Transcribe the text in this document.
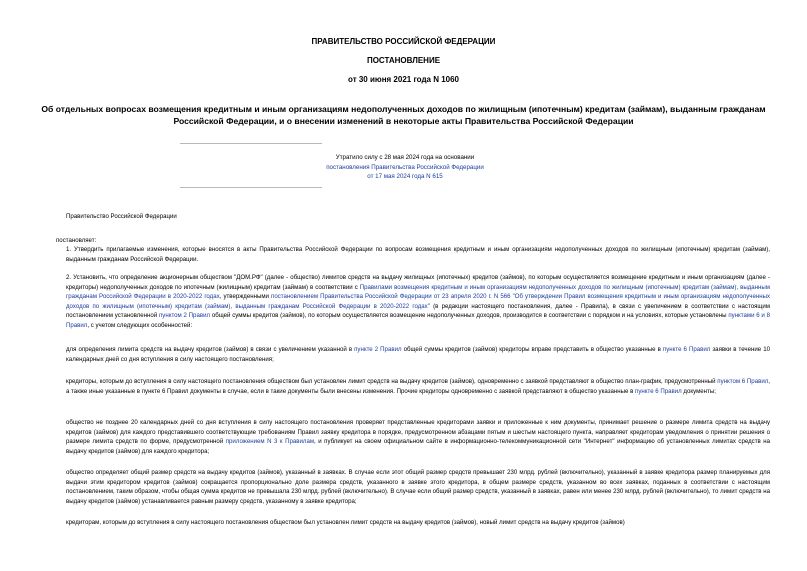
ПРАВИТЕЛЬСТВО РОССИЙСКОЙ ФЕДЕРАЦИИ
ПОСТАНОВЛЕНИЕ
от 30 июня 2021 года N 1060
Об отдельных вопросах возмещения кредитным и иным организациям недополученных доходов по жилищным (ипотечным) кредитам (займам), выданным гражданам Российской Федерации, и о внесении изменений в некоторые акты Правительства Российской Федерации
Утратило силу с 28 мая 2024 года на основании
постановления Правительства Российской Федерации
от 17 мая 2024 года N 615
Правительство Российской Федерации
постановляет:
1. Утвердить прилагаемые изменения, которые вносятся в акты Правительства Российской Федерации по вопросам возмещения кредитным и иным организациям недополученных доходов по жилищным (ипотечным) кредитам (займам), выданным гражданам Российской Федерации.
2. Установить, что определение акционерным обществом "ДОМ.РФ" (далее - общество) лимитов средств на выдачу жилищных (ипотечных) кредитов (займов), по которым осуществляется возмещение кредитным и иным организациям (далее - кредиторы) недополученных доходов по ипотечным (жилищным) кредитам (займам) в соответствии с Правилами возмещения кредитным и иным организациям недополученных доходов по жилищным (ипотечным) кредитам (займам), выданным гражданам Российской Федерации в 2020-2022 годах, утвержденными постановлением Правительства Российской Федерации от 23 апреля 2020 г. N 566 "Об утверждении Правил возмещения кредитным и иным организациям недополученных доходов по жилищным (ипотечным) кредитам (займам), выданным гражданам Российской Федерации в 2020-2022 годах" (в редакции настоящего постановления, далее - Правила), в связи с увеличением в соответствии с настоящим постановлением установленной пунктом 2 Правил общей суммы кредитов (займов), по которым осуществляется возмещение недополученных доходов, производится в соответствии с порядком и на условиях, которые установлены пунктами 6 и 8 Правил, с учетом следующих особенностей:
для определения лимита средств на выдачу кредитов (займов) в связи с увеличением указанной в пункте 2 Правил общей суммы кредитов (займов) кредиторы вправе представить в общество указанные в пункте 6 Правил заявки в течение 10 календарных дней со дня вступления в силу настоящего постановления;
кредиторы, которым до вступления в силу настоящего постановления обществом был установлен лимит средств на выдачу кредитов (займов), одновременно с заявкой представляют в общество план-график, предусмотренный пунктом 6 Правил, а также иные указанные в пункте 6 Правил документы в случае, если в такие документы были внесены изменения. Прочие кредиторы одновременно с заявкой представляют в общество указанные в пункте 6 Правил документы;
общество не позднее 20 календарных дней со дня вступления в силу настоящего постановления проверяет представленные кредиторами заявки и приложенные к ним документы, принимает решение о размере лимита средств на выдачу кредитов (займов) для каждого представившего соответствующие требованиям Правил заявку кредитора в порядке, предусмотренном абзацами пятым и шестым настоящего пункта, направляет кредиторам уведомления о принятии решения о размере лимита средств по форме, предусмотренной приложением N 3 к Правилам, и публикует на своем официальном сайте в информационно-телекоммуникационной сети "Интернет" информацию об установленных лимитах средств на выдачу кредитов (займов) для каждого кредитора;
общество определяет общий размер средств на выдачу кредитов (займов), указанный в заявках. В случае если этот общий размер средств превышает 230 млрд. рублей (включительно), указанный в заявке кредитора размер планируемых для выдачи этим кредитором кредитов (займов) сокращается пропорционально доле размера средств, указанного в заявке этого кредитора, в общем размере средств, указанном во всех заявках, поданных в соответствии с настоящим постановлением, таким образом, чтобы общая сумма кредитов не превышала 230 млрд. рублей (включительно). В случае если общий размер средств, указанный в заявках, равен или менее 230 млрд. рублей (включительно), то лимит средств на выдачу кредитов (займов) устанавливается равным размеру средств, указанному в заявке кредитора;
кредиторам, которым до вступления в силу настоящего постановления обществом был установлен лимит средств на выдачу кредитов (займов), новый лимит средств на выдачу кредитов (займов)
